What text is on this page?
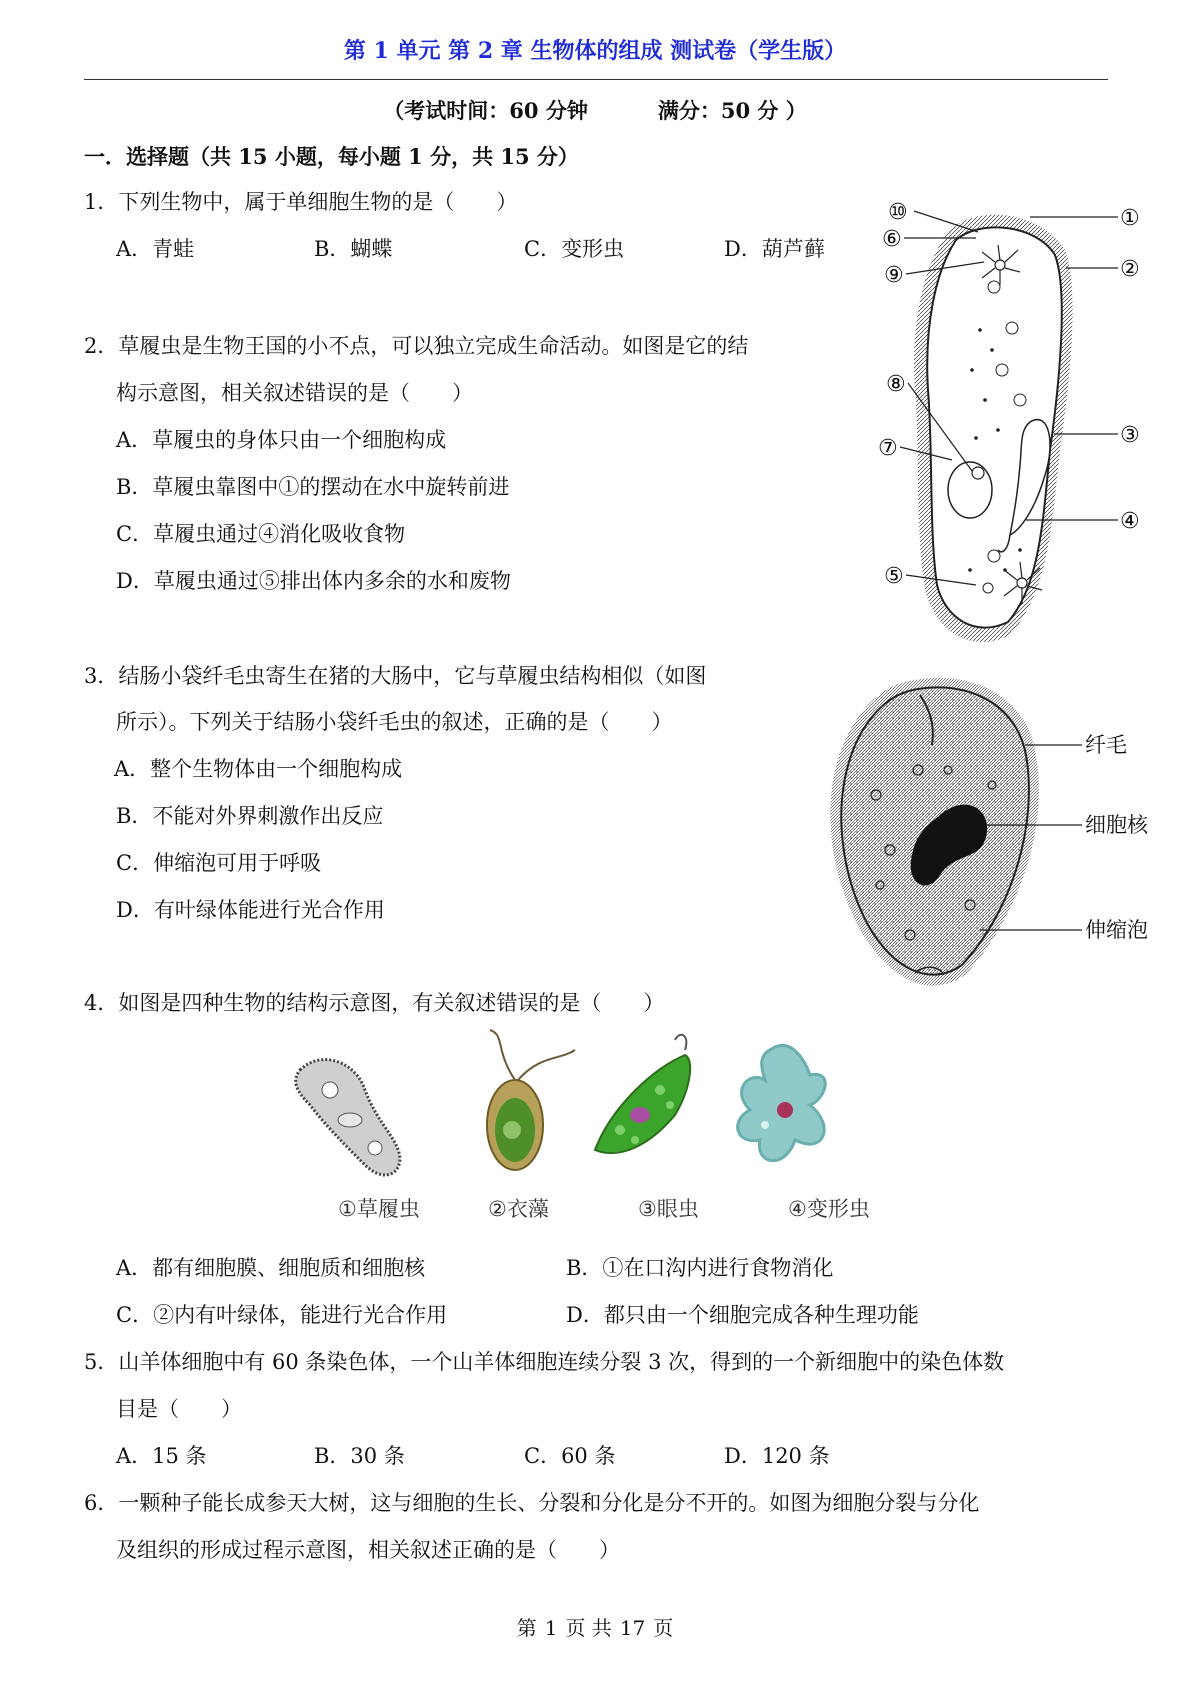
第 1 单元 第 2 章 生物体的组成 测试卷（学生版）
（考试时间：60 分钟	满分：50 分 ）
一．选择题（共 15 小题，每小题 1 分，共 15 分）
1．下列生物中，属于单细胞生物的是（　　）
A．青蛙	B．蝴蝶	C．变形虫	D．葫芦藓
2．草履虫是生物王国的小不点，可以独立完成生命活动。如图是它的结
构示意图，相关叙述错误的是（　　）
A．草履虫的身体只由一个细胞构成
B．草履虫靠图中①的摆动在水中旋转前进
C．草履虫通过④消化吸收食物
D．草履虫通过⑤排出体内多余的水和废物
3．结肠小袋纤毛虫寄生在猪的大肠中，它与草履虫结构相似（如图
所示）。下列关于结肠小袋纤毛虫的叙述，正确的是（　　）
A．整个生物体由一个细胞构成
B．不能对外界刺激作出反应
C．伸缩泡可用于呼吸
D．有叶绿体能进行光合作用
4．如图是四种生物的结构示意图，有关叙述错误的是（　　）
A．都有细胞膜、细胞质和细胞核	B．①在口沟内进行食物消化
C．②内有叶绿体，能进行光合作用	D．都只由一个细胞完成各种生理功能
5．山羊体细胞中有 60 条染色体，一个山羊体细胞连续分裂 3 次，得到的一个新细胞中的染色体数
目是（　　）
A．15 条	B．30 条	C．60 条	D．120 条
6．一颗种子能长成参天大树，这与细胞的生长、分裂和分化是分不开的。如图为细胞分裂与分化
及组织的形成过程示意图，相关叙述正确的是（　　）
⑩
⑥
⑨
⑧
⑦
⑤
①
②
③
④
纤毛
细胞核
伸缩泡
①草履虫	②衣藻	③眼虫	④变形虫
第 1 页 共 17 页
